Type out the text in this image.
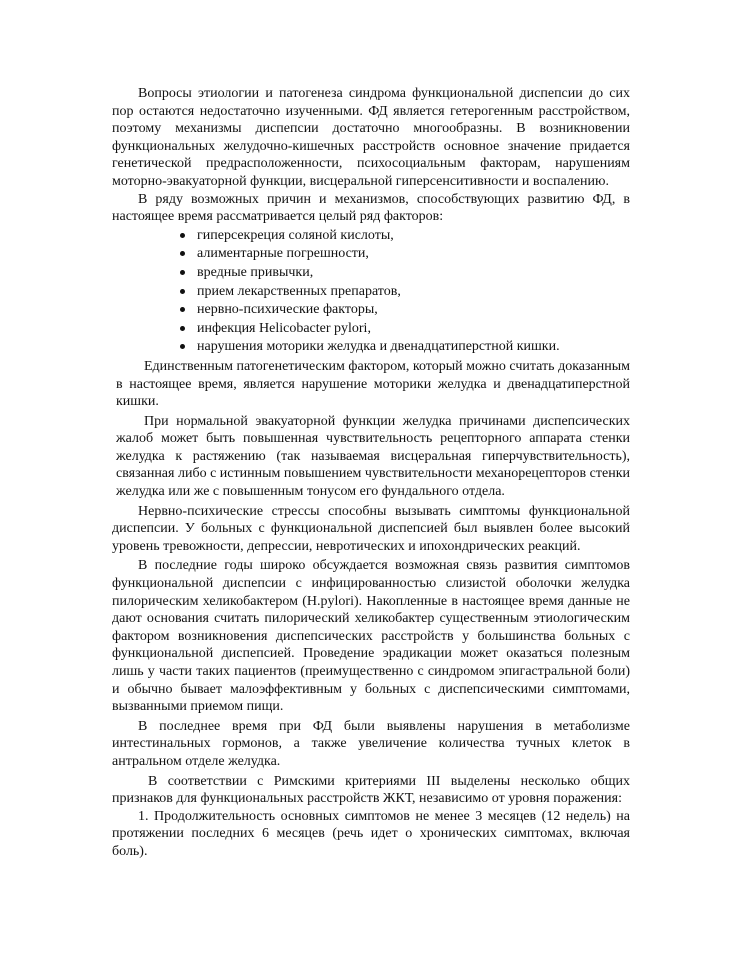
Вопросы этиологии и патогенеза синдрома функциональной диспепсии до сих пор остаются недостаточно изученными. ФД является гетерогенным расстройством, поэтому механизмы диспепсии достаточно многообразны. В возникновении функциональных желудочно-кишечных расстройств основное значение придается генетической предрасположенности, психосоциальным факторам, нарушениям моторно-эвакуаторной функции, висцеральной гиперсенситивности и воспалению.

В ряду возможных причин и механизмов, способствующих развитию ФД, в настоящее время рассматривается целый ряд факторов:

гиперсекреция соляной кислоты,
алиментарные погрешности,
вредные привычки,
прием лекарственных препаратов,
нервно-психические факторы,
инфекция Helicobacter pylori,
нарушения моторики желудка и двенадцатиперстной кишки.

Единственным патогенетическим фактором, который можно считать доказанным в настоящее время, является нарушение моторики желудка и двенадцатиперстной кишки.

При нормальной эвакуаторной функции желудка причинами диспепсических жалоб может быть повышенная чувствительность рецепторного аппарата стенки желудка к растяжению (так называемая висцеральная гиперчувствительность), связанная либо с истинным повышением чувствительности механорецепторов стенки желудка или же с повышенным тонусом его фундального отдела.

Нервно-психические стрессы способны вызывать симптомы функциональной диспепсии. У больных с функциональной диспепсией был выявлен более высокий уровень тревожности, депрессии, невротических и ипохондрических реакций.

В последние годы широко обсуждается возможная связь развития симптомов функциональной диспепсии с инфицированностью слизистой оболочки желудка пилорическим хеликобактером (H.pylori). Накопленные в настоящее время данные не дают основания считать пилорический хеликобактер существенным этиологическим фактором возникновения диспепсических расстройств у большинства больных с функциональной диспепсией. Проведение эрадикации может оказаться полезным лишь у части таких пациентов (преимущественно с синдромом эпигастральной боли) и обычно бывает малоэффективным у больных с диспепсическими симптомами, вызванными приемом пищи.

В последнее время при ФД были выявлены нарушения в метаболизме интестинальных гормонов, а также увеличение количества тучных клеток в антральном отделе желудка.

В соответствии с Римскими критериями III выделены несколько общих признаков для функциональных расстройств ЖКТ, независимо от уровня поражения:

1. Продолжительность основных симптомов не менее 3 месяцев (12 недель) на протяжении последних 6 месяцев (речь идет о хронических симптомах, включая боль).
